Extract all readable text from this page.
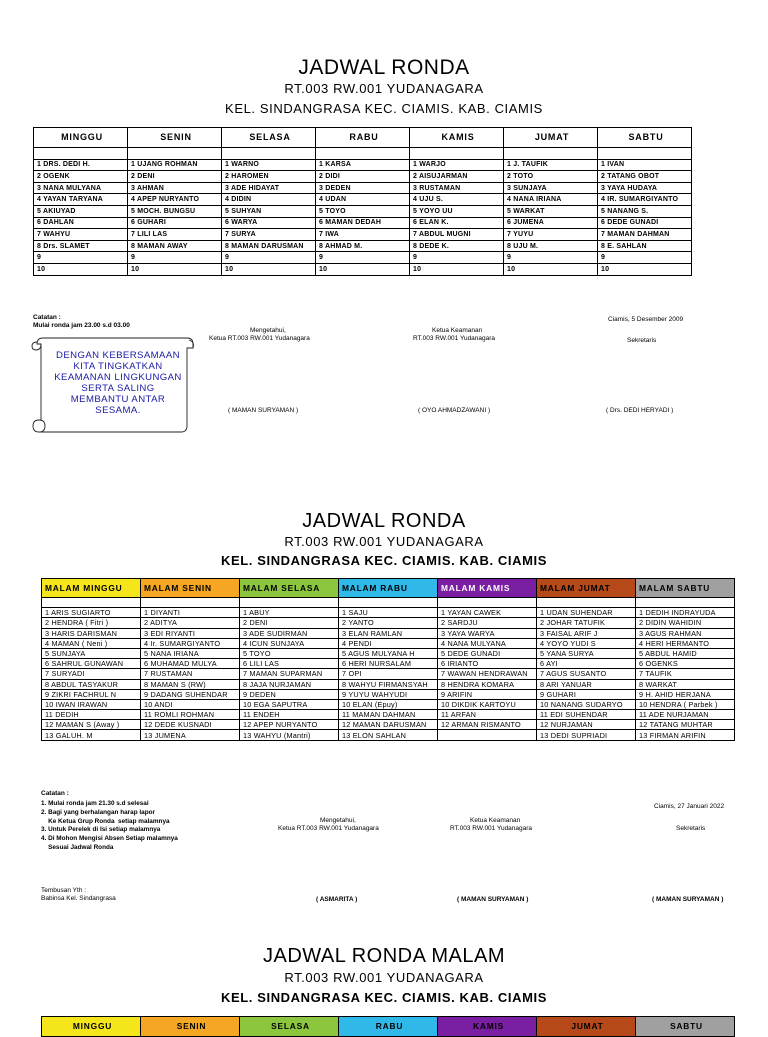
JADWAL RONDA
RT.003 RW.001 YUDANAGARA
KEL. SINDANGRASA KEC. CIAMIS. KAB. CIAMIS
MINGGU	SENIN	SELASA	RABU	KAMIS	JUMAT	SABTU

1 DRS. DEDI H.	1 UJANG ROHMAN	1 WARNO	1 KARSA	1 WARJO	1 J. TAUFIK	1 IVAN
2 OGENK	2 DENI	2 HAROMEN	2 DIDI	2 AISUJARMAN	2 TOTO	2 TATANG OBOT
3 NANA MULYANA	3 AHMAN	3 ADE HIDAYAT	3 DEDEN	3 RUSTAMAN	3 SUNJAYA	3 YAYA HUDAYA
4 YAYAN TARYANA	4 APEP NURYANTO	4 DIDIN	4 UDAN	4 UJU S.	4 NANA IRIANA	4 IR. SUMARGIYANTO
5 AKIUYAD	5 MOCH. BUNGSU	5 SUHYAN	5 TOYO	5 YOYO UU	5 WARKAT	5 NANANG S.
6 DAHLAN	6 GUHARI	6 WARYA	6 MAMAN DEDAH	6 ELAN K.	6 JUMENA	6 DEDE GUNADI
7 WAHYU	7 LILI LAS	7 SURYA	7 IWA	7 ABDUL MUGNI	7 YUYU	7 MAMAN DAHMAN
8 Drs. SLAMET	8 MAMAN AWAY	8 MAMAN DARUSMAN	8 AHMAD M.	8 DEDE K.	8 UJU M.	8 E. SAHLAN
9	9	9	9	9	9	9
10	10	10	10	10	10	10
Catatan :
Mulai ronda jam 23.00 s.d 03.00
Ciamis, 5 Desember 2009
Mengetahui,
Ketua RT.003 RW.001 Yudanagara
Ketua Keamanan
RT.003 RW.001 Yudanagara	Sekretaris
( MAMAN SURYAMAN )	( OYO AHMADZAWANI )	( Drs. DEDI HERYADI )
DENGAN KEBERSAMAAN
KITA TINGKATKAN
KEAMANAN LINGKUNGAN
SERTA SALING
MEMBANTU ANTAR
SESAMA.
JADWAL RONDA
RT.003 RW.001 YUDANAGARA
KEL. SINDANGRASA KEC. CIAMIS. KAB. CIAMIS
MALAM MINGGU	MALAM SENIN	MALAM SELASA	MALAM RABU	MALAM KAMIS	MALAM JUMAT	MALAM SABTU

1 ARIS SUGIARTO	1 DIYANTI	1 ABUY	1 SAJU	1 YAYAN CAWEK	1 UDAN SUHENDAR	1 DEDIH INDRAYUDA
2 HENDRA ( Fitri )	2 ADITYA	2 DENI	2 YANTO	2 SARDJU	2 JOHAR TATUFIK	2 DIDIN WAHIDIN
3 HARIS DARISMAN	3 EDI RIYANTI	3 ADE SUDIRMAN	3 ELAN RAMLAN	3 YAYA WARYA	3 FAISAL ARIF J	3 AGUS RAHMAN
4 MAMAN ( Neni )	4 Ir. SUMARGIYANTO	4 ICUN SUNJAYA	4 PENDI	4 NANA MULYANA	4 YOYO YUDI S	4 HERI HERMANTO
5 SUNJAYA	5 NANA IRIANA	5 TOYO	5 AGUS MULYANA H	5 DEDE GUNADI	5 YANA SURYA	5 ABDUL HAMID
6 SAHRUL GUNAWAN	6 MUHAMAD MULYA	6 LILI LAS	6 HERI NURSALAM	6 IRIANTO	6 AYI	6 OGENKS
7 SURYADI	7 RUSTAMAN	7 MAMAN SUPARMAN	7 OPI	7 WAWAN HENDRAWAN	7 AGUS SUSANTO	7 TAUFIK
8 ABDUL TASYAKUR	8 MAMAN S (RW)	8 JAJA NURJAMAN	8 WAHYU FIRMANSYAH	8 HENDRA KOMARA	8 ARI YANUAR	8 WARKAT
9 ZIKRI FACHRUL N	9 DADANG SUHENDAR	9 DEDEN	9 YUYU WAHYUDI	9 ARIFIN	9 GUHARI	9 H. AHID HERJANA
10 IWAN IRAWAN	10 ANDI	10 EGA SAPUTRA	10 ELAN (Epuy)	10 DIKDIK KARTOYU	10 NANANG SUDARYO	10 HENDRA ( Parbek )
11 DEDIH	11 ROMLI ROHMAN	11 ENDEH	11 MAMAN DAHMAN	11 ARFAN	11 EDI SUHENDAR	11 ADE NURJAMAN
12 MAMAN S (Away )	12 DEDE KUSNADI	12 APEP NURYANTO	12 MAMAN DARUSMAN	12 ARMAN RISMANTO	12 NURJAMAN	12 TATANG MUHTAR
13 GALUH. M	13 JUMENA	13 WAHYU (Mantri)	13 ELON SAHLAN		13 DEDI SUPRIADI	13 FIRMAN ARIFIN
Catatan :
1. Mulai ronda jam 21.30 s.d selesai
2. Bagi yang berhalangan harap lapor
Ke Ketua Grup Ronda  setiap malamnya
3. Untuk Perelek di Isi setiap malamnya
4. Di Mohon Mengisi Absen Setiap malamnya
Sesuai Jadwal Ronda
Ciamis, 27 Januari 2022
Mengetahui,
Ketua RT.003 RW.001 Yudanagara
Ketua Keamanan
RT.003 RW.001 Yudanagara	Sekretaris
Tembusan Yth :
Babinsa Kel. Sindangrasa	( ASMARITA )	( MAMAN SURYAMAN )	( MAMAN SURYAMAN )
JADWAL RONDA MALAM
RT.003 RW.001 YUDANAGARA
KEL. SINDANGRASA KEC. CIAMIS. KAB. CIAMIS
MINGGU	SENIN	SELASA	RABU	KAMIS	JUMAT	SABTU
